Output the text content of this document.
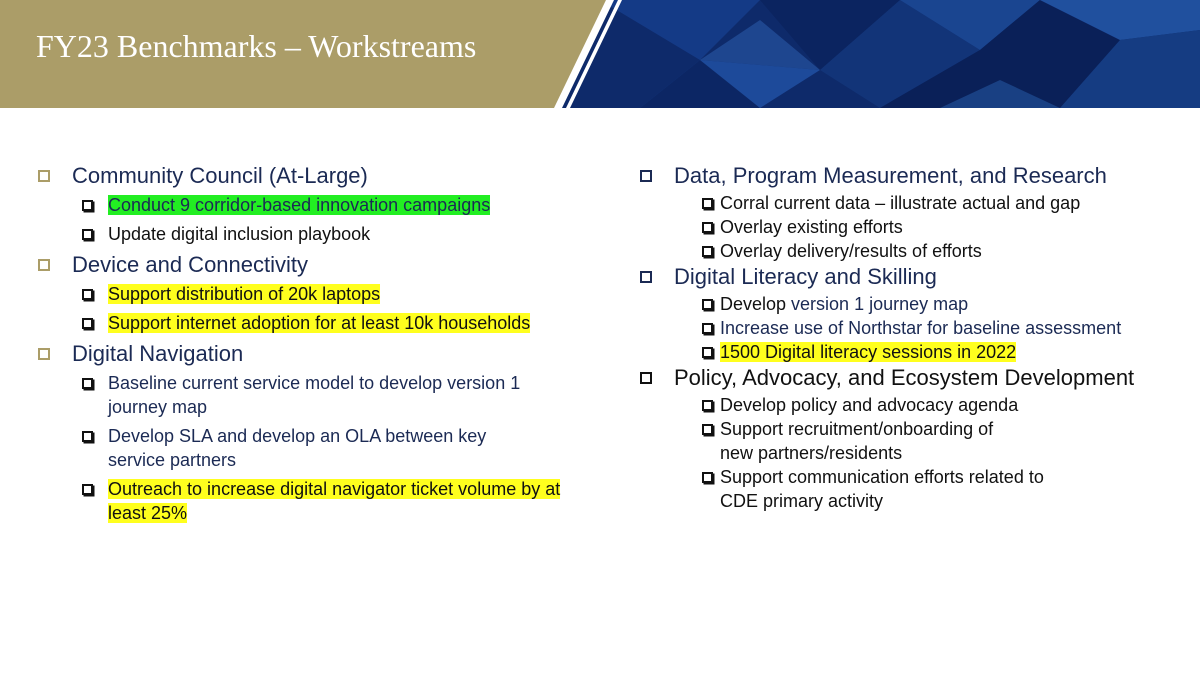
FY23 Benchmarks – Workstreams
Community Council (At-Large)
Conduct 9 corridor-based innovation campaigns
Update digital inclusion playbook
Device and Connectivity
Support distribution of 20k laptops
Support internet adoption for at least 10k households
Digital Navigation
Baseline current service model to develop version 1 journey map
Develop SLA and develop an OLA between key service partners
Outreach to increase digital navigator ticket volume by at least 25%
Data, Program Measurement, and Research
Corral current data – illustrate actual and gap
Overlay existing efforts
Overlay delivery/results of efforts
Digital Literacy and Skilling
Develop version 1 journey map
Increase use of Northstar for baseline assessment
1500 Digital literacy sessions in 2022
Policy, Advocacy, and Ecosystem Development
Develop policy and advocacy agenda
Support recruitment/onboarding of
new partners/residents
Support communication efforts related to
CDE primary activity
